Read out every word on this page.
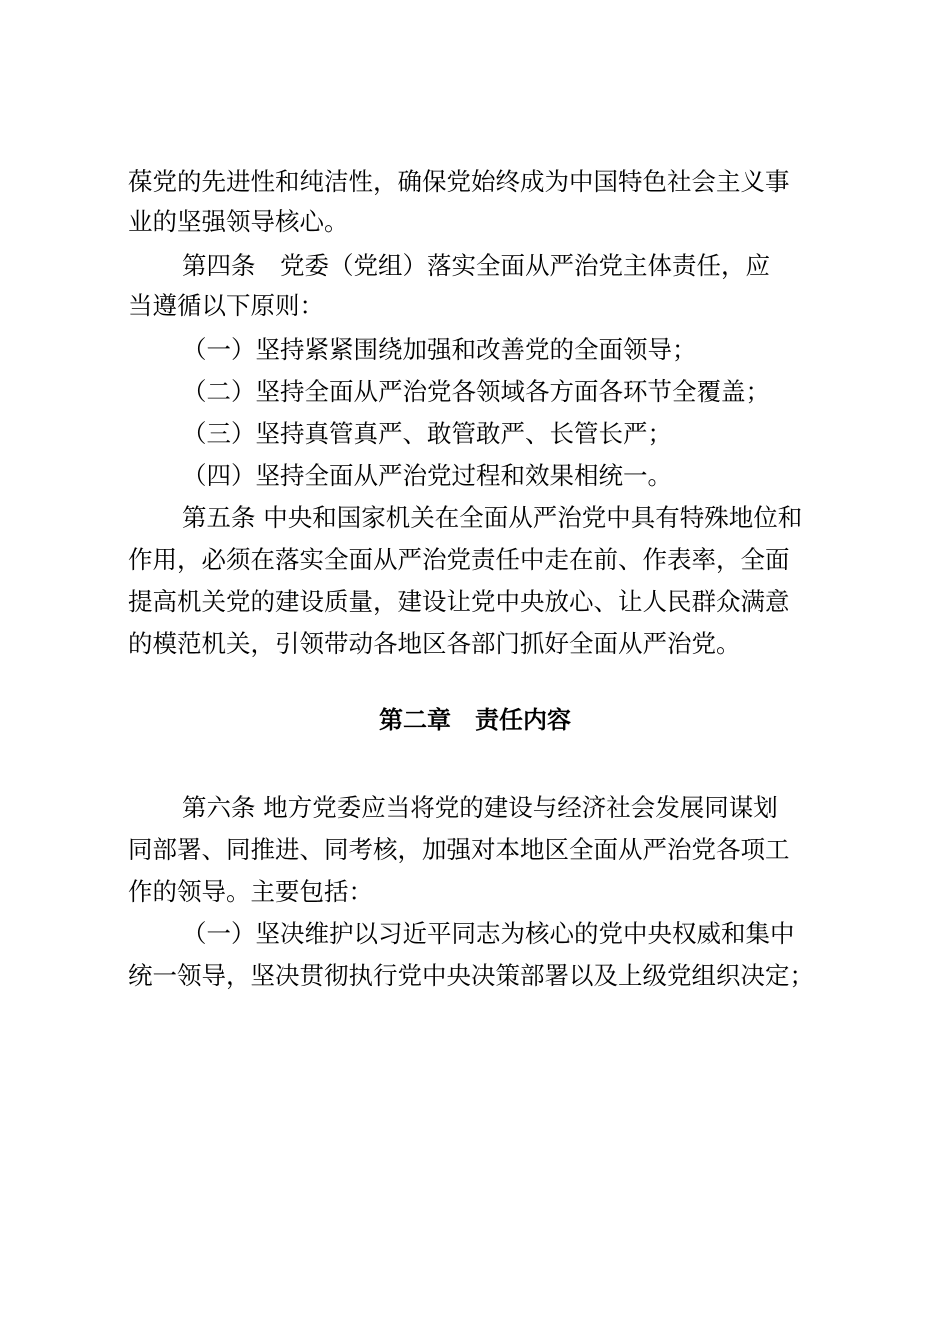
葆党的先进性和纯洁性，确保党始终成为中国特色社会主义事
业的坚强领导核心。
第四条　党委（党组）落实全面从严治党主体责任，应
当遵循以下原则：
（一）坚持紧紧围绕加强和改善党的全面领导；
（二）坚持全面从严治党各领域各方面各环节全覆盖；
（三）坚持真管真严、敢管敢严、长管长严；
（四）坚持全面从严治党过程和效果相统一。
第五条 中央和国家机关在全面从严治党中具有特殊地位和
作用，必须在落实全面从严治党责任中走在前、作表率，全面
提高机关党的建设质量，建设让党中央放心、让人民群众满意
的模范机关，引领带动各地区各部门抓好全面从严治党。
第二章　责任内容
第六条 地方党委应当将党的建设与经济社会发展同谋划
同部署、同推进、同考核，加强对本地区全面从严治党各项工
作的领导。主要包括：
（一）坚决维护以习近平同志为核心的党中央权威和集中
统一领导，坚决贯彻执行党中央决策部署以及上级党组织决定；
